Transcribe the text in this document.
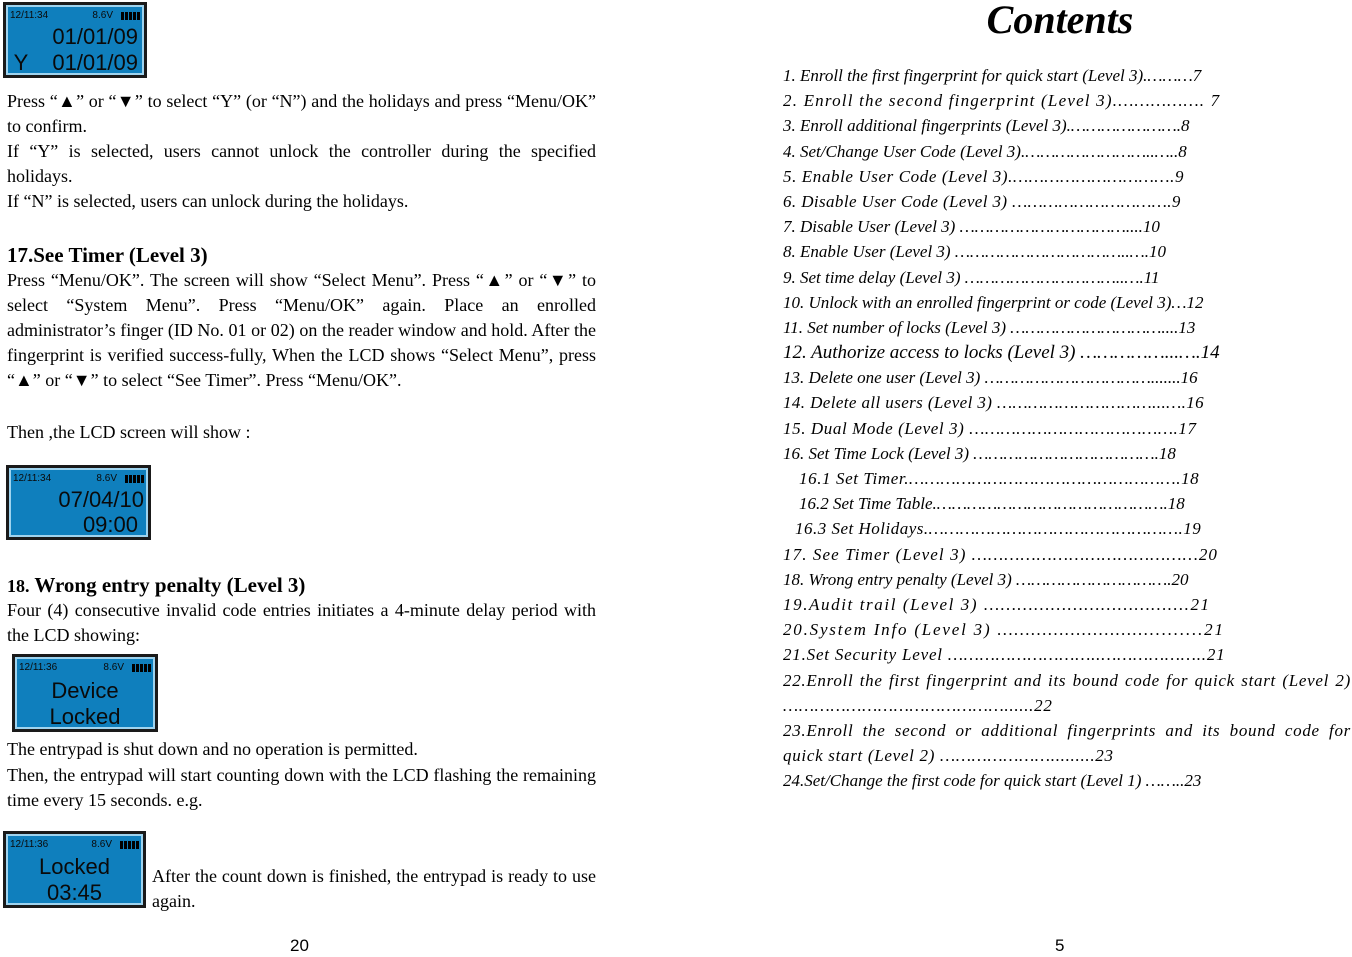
12/11:34	8.6V
01/01/09
Y    01/01/09
Press “▲” or “▼” to select “Y” (or “N”) and the holidays and press “Menu/OK” to confirm.
If “Y” is selected, users cannot unlock the controller during the specified holidays.
If “N” is selected, users can unlock during the holidays.
17.See Timer (Level 3)
Press “Menu/OK”. The screen will show “Select Menu”. Press “▲” or “▼” to select “System Menu”. Press “Menu/OK” again. Place an enrolled administrator’s finger (ID No. 01 or 02) on the reader window and hold. After the fingerprint is verified success-fully, When the LCD shows “Select Menu”, press “▲” or “▼” to select “See Timer”. Press “Menu/OK”.
Then ,the LCD screen will show :
12/11:34	8.6V
07/04/10
09:00
18. Wrong entry penalty (Level 3)
Four (4) consecutive invalid code entries initiates a 4-minute delay period with the LCD showing:
12/11:36	8.6V
Device
Locked
The entrypad is shut down and no operation is permitted.
Then, the entrypad will start counting down with the LCD flashing the remaining time every 15 seconds. e.g.
12/11:36	8.6V
Locked
03:45
After the count down is finished, the entrypad is ready to use again.
20
Contents
1. Enroll the first fingerprint for quick start (Level 3).………7
2. Enroll the second fingerprint (Level 3).……………. 7
3. Enroll additional fingerprints (Level 3).………………….8
4. Set/Change User Code (Level 3).……………………..…..8
5. Enable User Code (Level 3).………………………….9
6. Disable User Code (Level 3) ………………………….9
7. Disable User (Level 3) ……………………………....10
8. Enable User (Level 3) ……………………………..….10
9. Set time delay (Level 3) …………………………..….11
10. Unlock with an enrolled fingerprint or code (Level 3)…12
11. Set number of locks (Level 3) …………………………....13
12. Authorize access to locks (Level 3) ……………...….14
13. Delete one user (Level 3) …………………………….......16
14. Delete all users (Level 3) …………………………...….16
15. Dual Mode (Level 3) ………………………………….17
16. Set Time Lock (Level 3) ……………………………….18
16.1 Set Timer.…………………………………………….18
16.2 Set Time Table.……………………………………….18
16.3 Set Holidays.………………………………………….19
17. See Timer (Level 3) ……………………………………20
18. Wrong entry penalty (Level 3) ………………………….20
19.Audit trail (Level 3) ……………………………….21
20.System Info (Level 3) ……………………….........21
21.Set Security Level ………………………..………………..21
22.Enroll the first fingerprint and its bound code for quick start (Level 2) ……………………………………......22
23.Enroll the second or additional fingerprints and its bound code for quick start (Level 2) ………………….........23
24.Set/Change the first code for quick start (Level 1) ……..23
5
